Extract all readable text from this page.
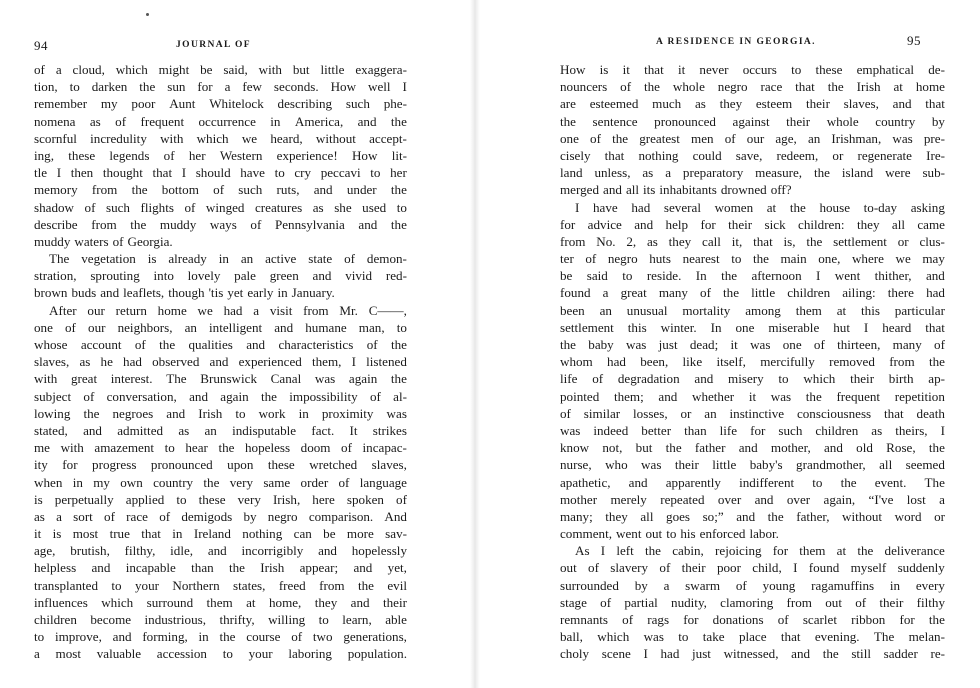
94	JOURNAL OF
of a cloud, which might be said, with but little exaggera-
tion, to darken the sun for a few seconds. How well I
remember my poor Aunt Whitelock describing such phe-
nomena as of frequent occurrence in America, and the
scornful incredulity with which we heard, without accept-
ing, these legends of her Western experience! How lit-
tle I then thought that I should have to cry peccavi to her
memory from the bottom of such ruts, and under the
shadow of such flights of winged creatures as she used to
describe from the muddy ways of Pennsylvania and the
muddy waters of Georgia.
The vegetation is already in an active state of demon-
stration, sprouting into lovely pale green and vivid red-
brown buds and leaflets, though 'tis yet early in January.
After our return home we had a visit from Mr. C——,
one of our neighbors, an intelligent and humane man, to
whose account of the qualities and characteristics of the
slaves, as he had observed and experienced them, I listened
with great interest. The Brunswick Canal was again the
subject of conversation, and again the impossibility of al-
lowing the negroes and Irish to work in proximity was
stated, and admitted as an indisputable fact. It strikes
me with amazement to hear the hopeless doom of incapac-
ity for progress pronounced upon these wretched slaves,
when in my own country the very same order of language
is perpetually applied to these very Irish, here spoken of
as a sort of race of demigods by negro comparison. And
it is most true that in Ireland nothing can be more sav-
age, brutish, filthy, idle, and incorrigibly and hopelessly
helpless and incapable than the Irish appear; and yet,
transplanted to your Northern states, freed from the evil
influences which surround them at home, they and their
children become industrious, thrifty, willing to learn, able
to improve, and forming, in the course of two generations,
a most valuable accession to your laboring population.
A RESIDENCE IN GEORGIA.	95
How is it that it never occurs to these emphatical de-
nouncers of the whole negro race that the Irish at home
are esteemed much as they esteem their slaves, and that
the sentence pronounced against their whole country by
one of the greatest men of our age, an Irishman, was pre-
cisely that nothing could save, redeem, or regenerate Ire-
land unless, as a preparatory measure, the island were sub-
merged and all its inhabitants drowned off?
I have had several women at the house to-day asking
for advice and help for their sick children: they all came
from No. 2, as they call it, that is, the settlement or clus-
ter of negro huts nearest to the main one, where we may
be said to reside. In the afternoon I went thither, and
found a great many of the little children ailing: there had
been an unusual mortality among them at this particular
settlement this winter. In one miserable hut I heard that
the baby was just dead; it was one of thirteen, many of
whom had been, like itself, mercifully removed from the
life of degradation and misery to which their birth ap-
pointed them; and whether it was the frequent repetition
of similar losses, or an instinctive consciousness that death
was indeed better than life for such children as theirs, I
know not, but the father and mother, and old Rose, the
nurse, who was their little baby's grandmother, all seemed
apathetic, and apparently indifferent to the event. The
mother merely repeated over and over again, “I've lost a
many; they all goes so;” and the father, without word or
comment, went out to his enforced labor.
As I left the cabin, rejoicing for them at the deliverance
out of slavery of their poor child, I found myself suddenly
surrounded by a swarm of young ragamuffins in every
stage of partial nudity, clamoring from out of their filthy
remnants of rags for donations of scarlet ribbon for the
ball, which was to take place that evening. The melan-
choly scene I had just witnessed, and the still sadder re-
